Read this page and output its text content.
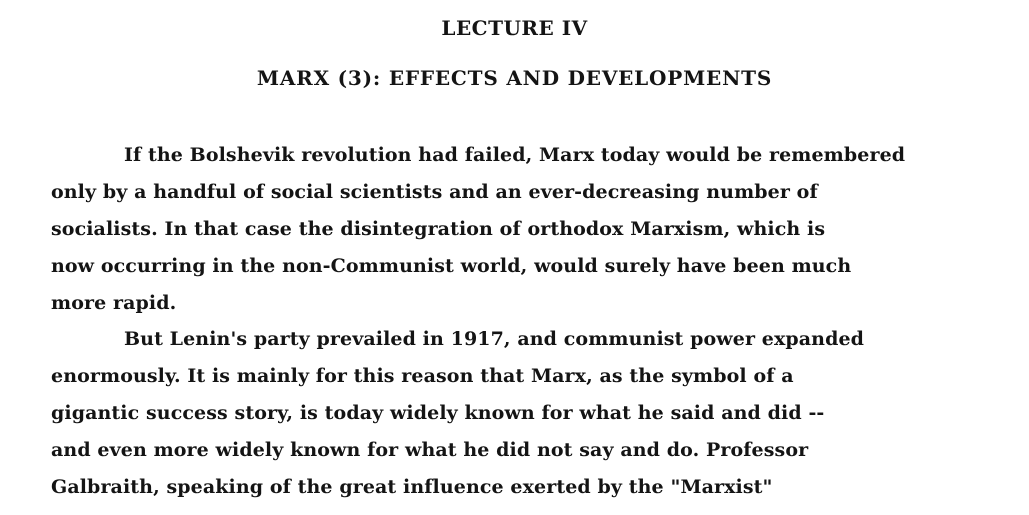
LECTURE IV
MARX (3): EFFECTS AND DEVELOPMENTS
If the Bolshevik revolution had failed, Marx today would be remembered
only by a handful of social scientists and an ever-decreasing number of
socialists. In that case the disintegration of orthodox Marxism, which is
now occurring in the non-Communist world, would surely have been much
more rapid.
But Lenin's party prevailed in 1917, and communist power expanded
enormously. It is mainly for this reason that Marx, as the symbol of a
gigantic success story, is today widely known for what he said and did --
and even more widely known for what he did not say and do. Professor
Galbraith, speaking of the great influence exerted by the "Marxist"
